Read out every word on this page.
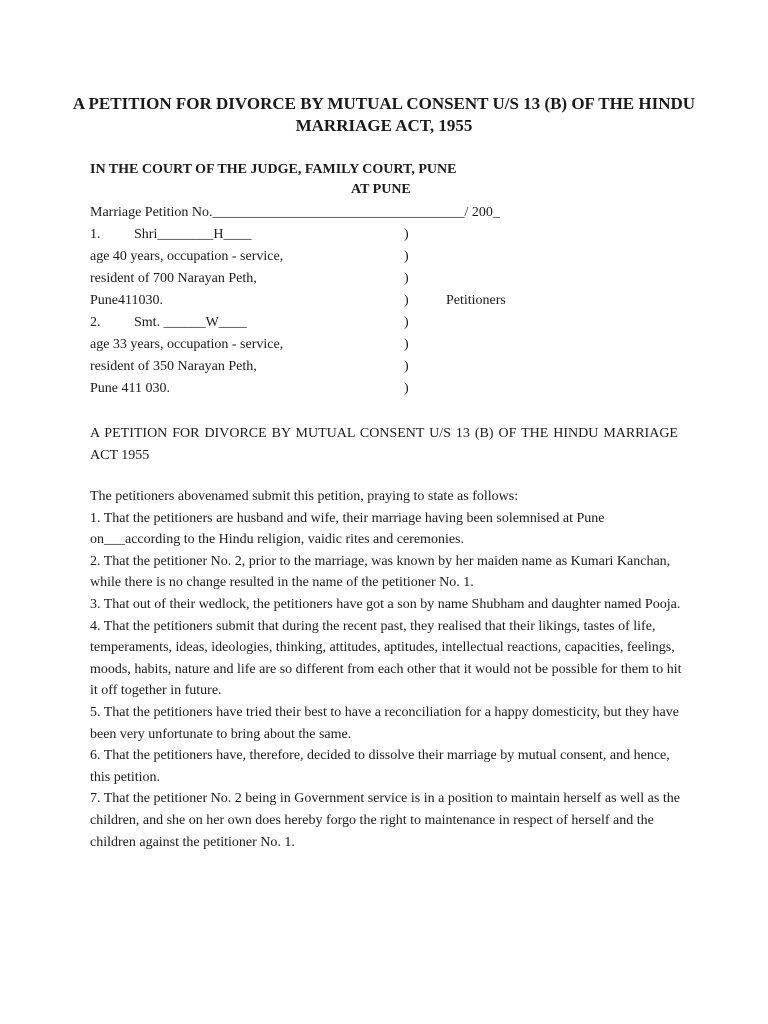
A PETITION FOR DIVORCE BY MUTUAL CONSENT U/S 13 (B) OF THE HINDU MARRIAGE ACT, 1955
IN THE COURT OF THE JUDGE, FAMILY COURT, PUNE
AT PUNE
Marriage Petition No.____________________________________/ 200_
1. Shri________H____
age 40 years, occupation - service,
resident of 700 Narayan Peth,
Pune411030.
2. Smt. ______W____
age 33 years, occupation - service,
resident of 350 Narayan Peth,
Pune 411 030.
)
)
)
)
)
)
)
)
Petitioners
A PETITION FOR DIVORCE BY MUTUAL CONSENT U/S 13 (B) OF THE HINDU MARRIAGE ACT 1955

The petitioners abovenamed submit this petition, praying to state as follows:

1. That the petitioners are husband and wife, their marriage having been solemnised at Pune on___according to the Hindu religion, vaidic rites and ceremonies.

2. That the petitioner No. 2, prior to the marriage, was known by her maiden name as Kumari Kanchan, while there is no change resulted in the name of the petitioner No. 1.

3. That out of their wedlock, the petitioners have got a son by name Shubham and daughter named Pooja.

4. That the petitioners submit that during the recent past, they realised that their likings, tastes of life, temperaments, ideas, ideologies, thinking, attitudes, aptitudes, intellectual reactions, capacities, feelings, moods, habits, nature and life are so different from each other that it would not be possible for them to hit it off together in future.

5. That the petitioners have tried their best to have a reconciliation for a happy domesticity, but they have been very unfortunate to bring about the same.

6. That the petitioners have, therefore, decided to dissolve their marriage by mutual consent, and hence, this petition.

7. That the petitioner No. 2 being in Government service is in a position to maintain herself as well as the children, and she on her own does hereby forgo the right to maintenance in respect of herself and the children against the petitioner No. 1.
